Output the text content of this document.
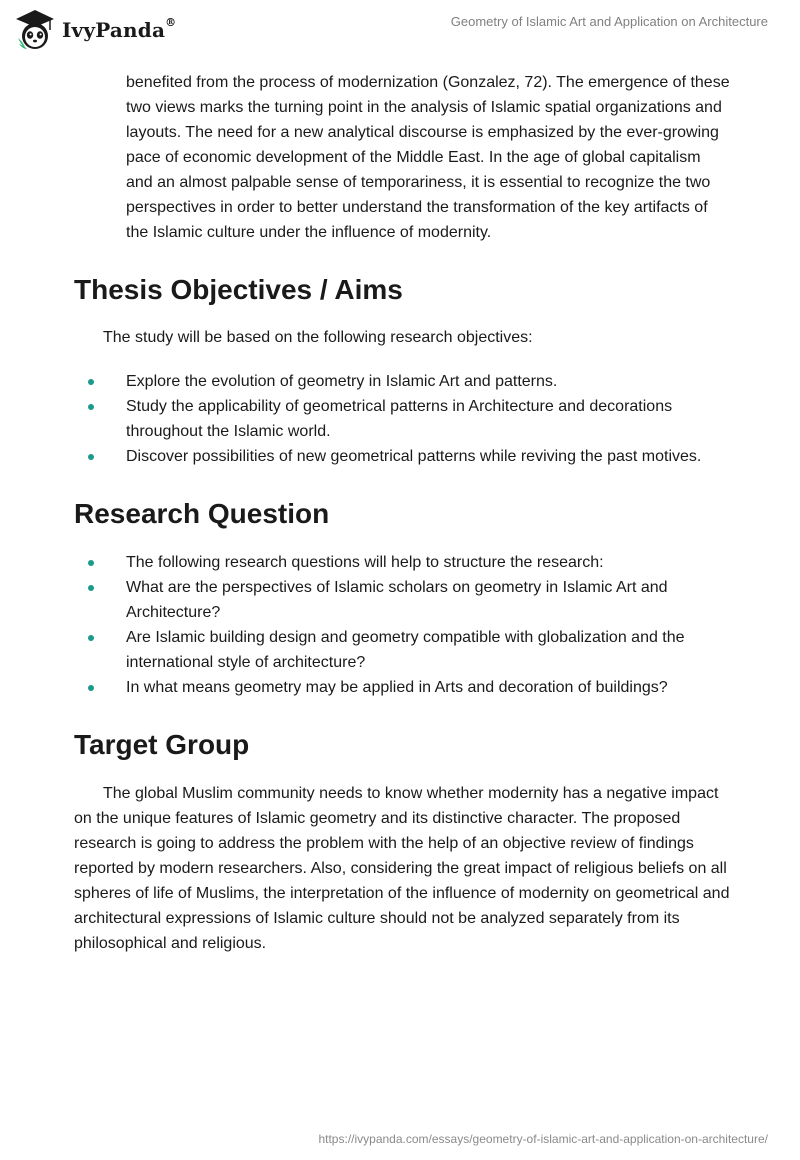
IvyPanda®	Geometry of Islamic Art and Application on Architecture

benefited from the process of modernization (Gonzalez, 72). The emergence of these two views marks the turning point in the analysis of Islamic spatial organizations and layouts. The need for a new analytical discourse is emphasized by the ever-growing pace of economic development of the Middle East. In the age of global capitalism and an almost palpable sense of temporariness, it is essential to recognize the two perspectives in order to better understand the transformation of the key artifacts of the Islamic culture under the influence of modernity.

Thesis Objectives / Aims

The study will be based on the following research objectives:

Explore the evolution of geometry in Islamic Art and patterns.
Study the applicability of geometrical patterns in Architecture and decorations throughout the Islamic world.
Discover possibilities of new geometrical patterns while reviving the past motives.
Research Question
The following research questions will help to structure the research:
What are the perspectives of Islamic scholars on geometry in Islamic Art and Architecture?
Are Islamic building design and geometry compatible with globalization and the international style of architecture?
In what means geometry may be applied in Arts and decoration of buildings?
Target Group

The global Muslim community needs to know whether modernity has a negative impact on the unique features of Islamic geometry and its distinctive character. The proposed research is going to address the problem with the help of an objective review of findings reported by modern researchers. Also, considering the great impact of religious beliefs on all spheres of life of Muslims, the interpretation of the influence of modernity on geometrical and architectural expressions of Islamic culture should not be analyzed separately from its philosophical and religious.

https://ivypanda.com/essays/geometry-of-islamic-art-and-application-on-architecture/
